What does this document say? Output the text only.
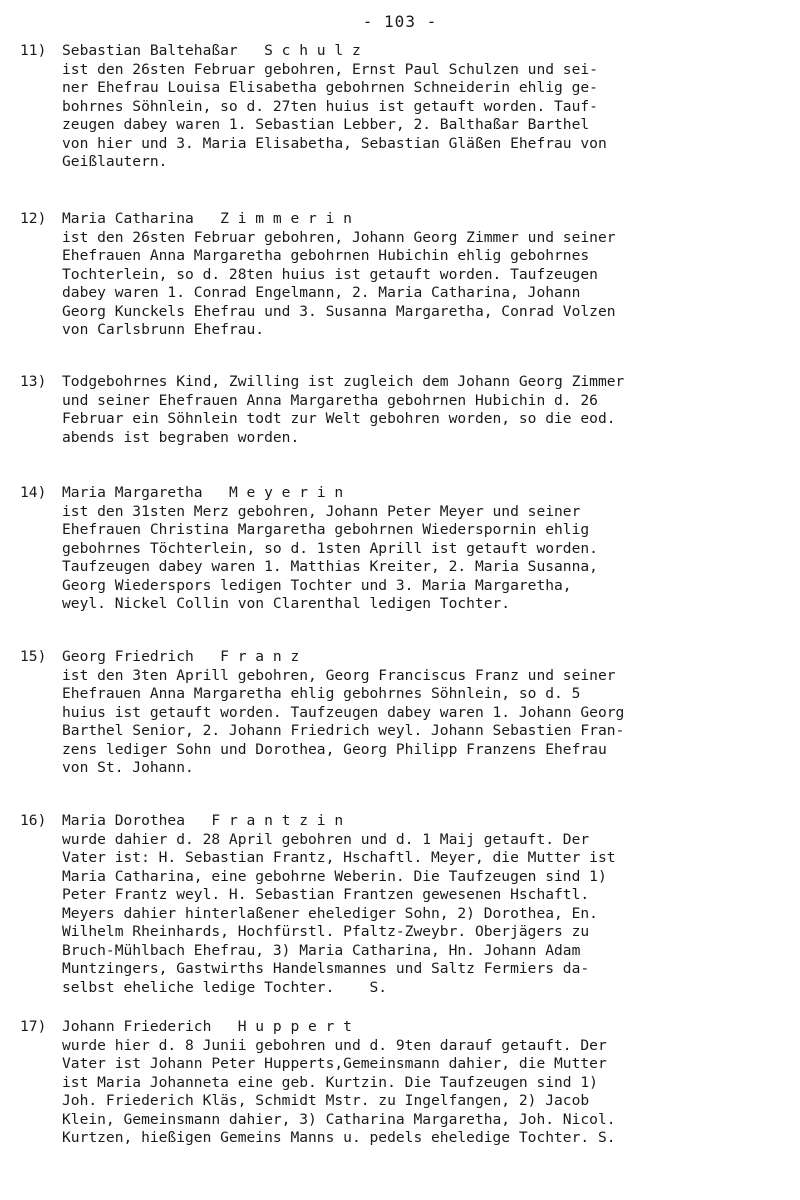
- 103 -
11) Sebastian Baltehaßar S c h u l z
ist den 26sten Februar gebohren, Ernst Paul Schulzen und sei-
ner Ehefrau Louisa Elisabetha gebohrnen Schneiderin ehlig ge-
bohrnes Söhnlein, so d. 27ten huius ist getauft worden. Tauf-
zeugen dabey waren 1. Sebastian Lebber, 2. Balthaßar Barthel
von hier und 3. Maria Elisabetha, Sebastian Gläßen Ehefrau von
Geißlautern.
12) Maria Catharina Z i m m e r i n
ist den 26sten Februar gebohren, Johann Georg Zimmer und seiner
Ehefrauen Anna Margaretha gebohrnen Hubichin ehlig gebohrnes
Tochterlein, so d. 28ten huius ist getauft worden. Taufzeugen
dabey waren 1. Conrad Engelmann, 2. Maria Catharina, Johann
Georg Kunckels Ehefrau und 3. Susanna Margaretha, Conrad Volzen
von Carlsbrunn Ehefrau.
13) Todgebohrnes Kind, Zwilling ist zugleich dem Johann Georg Zimmer
und seiner Ehefrauen Anna Margaretha gebohrnen Hubichin d. 26
Februar ein Söhnlein todt zur Welt gebohren worden, so die eod.
abends ist begraben worden.
14) Maria Margaretha M e y e r i n
ist den 31sten Merz gebohren, Johann Peter Meyer und seiner
Ehefrauen Christina Margaretha gebohrnen Wiederspornin ehlig
gebohrnes Töchterlein, so d. 1sten Aprill ist getauft worden.
Taufzeugen dabey waren 1. Matthias Kreiter, 2. Maria Susanna,
Georg Wiederspors ledigen Tochter und 3. Maria Margaretha,
weyl. Nickel Collin von Clarenthal ledigen Tochter.
15) Georg Friedrich F r a n z
ist den 3ten Aprill gebohren, Georg Franciscus Franz und seiner
Ehefrauen Anna Margaretha ehlig gebohrnes Söhnlein, so d. 5
huius ist getauft worden. Taufzeugen dabey waren 1. Johann Georg
Barthel Senior, 2. Johann Friedrich weyl. Johann Sebastien Fran-
zens lediger Sohn und Dorothea, Georg Philipp Franzens Ehefrau
von St. Johann.
16) Maria Dorothea F r a n t z i n
wurde dahier d. 28 April gebohren und d. 1 Maij getauft. Der
Vater ist: H. Sebastian Frantz, Hschaftl. Meyer, die Mutter ist
Maria Catharina, eine gebohrne Weberin. Die Taufzeugen sind 1)
Peter Frantz weyl. H. Sebastian Frantzen gewesenen Hschaftl.
Meyers dahier hinterlaßener ehelediger Sohn, 2) Dorothea, En.
Wilhelm Rheinhards, Hochfürstl. Pfaltz-Zweybr. Oberjägers zu
Bruch-Mühlbach Ehefrau, 3) Maria Catharina, Hn. Johann Adam
Muntzingers, Gastwirths Handelsmannes und Saltz Fermiers da-
selbst eheliche ledige Tochter.    S.
17) Johann Friederich H u p p e r t
wurde hier d. 8 Junii gebohren und d. 9ten darauf getauft. Der
Vater ist Johann Peter Hupperts,Gemeinsmann dahier, die Mutter
ist Maria Johanneta eine geb. Kurtzin. Die Taufzeugen sind 1)
Joh. Friederich Kläs, Schmidt Mstr. zu Ingelfangen, 2) Jacob
Klein, Gemeinsmann dahier, 3) Catharina Margaretha, Joh. Nicol.
Kurtzen, hießigen Gemeins Manns u. pedels eheledige Tochter. S.
